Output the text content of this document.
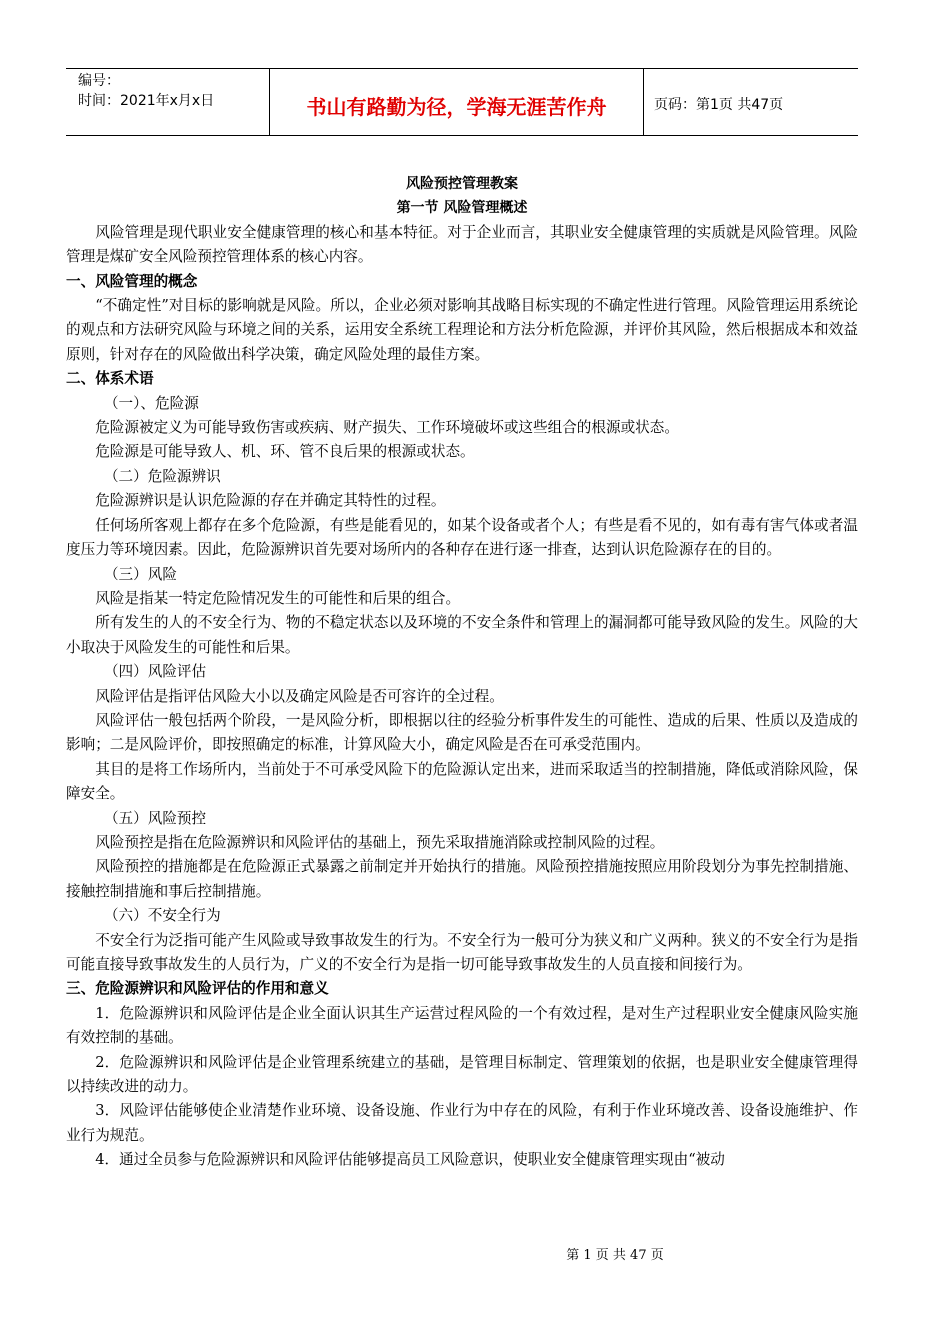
编号：
时间：2021年x月x日	书山有路勤为径，学海无涯苦作舟	页码：第1页 共47页

风险预控管理教案

第一节 风险管理概述

风险管理是现代职业安全健康管理的核心和基本特征。对于企业而言，其职业安全健康管理的实质就是风险管理。风险管理是煤矿安全风险预控管理体系的核心内容。

一、风险管理的概念

“不确定性”对目标的影响就是风险。所以，企业必须对影响其战略目标实现的不确定性进行管理。风险管理运用系统论的观点和方法研究风险与环境之间的关系，运用安全系统工程理论和方法分析危险源，并评价其风险，然后根据成本和效益原则，针对存在的风险做出科学决策，确定风险处理的最佳方案。

二、体系术语

（一）、危险源

危险源被定义为可能导致伤害或疾病、财产损失、工作环境破坏或这些组合的根源或状态。

危险源是可能导致人、机、环、管不良后果的根源或状态。

（二）危险源辨识

危险源辨识是认识危险源的存在并确定其特性的过程。

任何场所客观上都存在多个危险源，有些是能看见的，如某个设备或者个人；有些是看不见的，如有毒有害气体或者温度压力等环境因素。因此，危险源辨识首先要对场所内的各种存在进行逐一排查，达到认识危险源存在的目的。

（三）风险

风险是指某一特定危险情况发生的可能性和后果的组合。

所有发生的人的不安全行为、物的不稳定状态以及环境的不安全条件和管理上的漏洞都可能导致风险的发生。风险的大小取决于风险发生的可能性和后果。

（四）风险评估

风险评估是指评估风险大小以及确定风险是否可容许的全过程。

风险评估一般包括两个阶段，一是风险分析，即根据以往的经验分析事件发生的可能性、造成的后果、性质以及造成的影响；二是风险评价，即按照确定的标准，计算风险大小，确定风险是否在可承受范围内。

其目的是将工作场所内，当前处于不可承受风险下的危险源认定出来，进而采取适当的控制措施，降低或消除风险，保障安全。

（五）风险预控

风险预控是指在危险源辨识和风险评估的基础上，预先采取措施消除或控制风险的过程。

风险预控的措施都是在危险源正式暴露之前制定并开始执行的措施。风险预控措施按照应用阶段划分为事先控制措施、接触控制措施和事后控制措施。

（六）不安全行为

不安全行为泛指可能产生风险或导致事故发生的行为。不安全行为一般可分为狭义和广义两种。狭义的不安全行为是指可能直接导致事故发生的人员行为，广义的不安全行为是指一切可能导致事故发生的人员直接和间接行为。

三、危险源辨识和风险评估的作用和意义

1．危险源辨识和风险评估是企业全面认识其生产运营过程风险的一个有效过程，是对生产过程职业安全健康风险实施有效控制的基础。

2．危险源辨识和风险评估是企业管理系统建立的基础，是管理目标制定、管理策划的依据，也是职业安全健康管理得以持续改进的动力。

3．风险评估能够使企业清楚作业环境、设备设施、作业行为中存在的风险，有利于作业环境改善、设备设施维护、作业行为规范。

4．通过全员参与危险源辨识和风险评估能够提高员工风险意识，使职业安全健康管理实现由“被动

第 1 页 共 47 页
